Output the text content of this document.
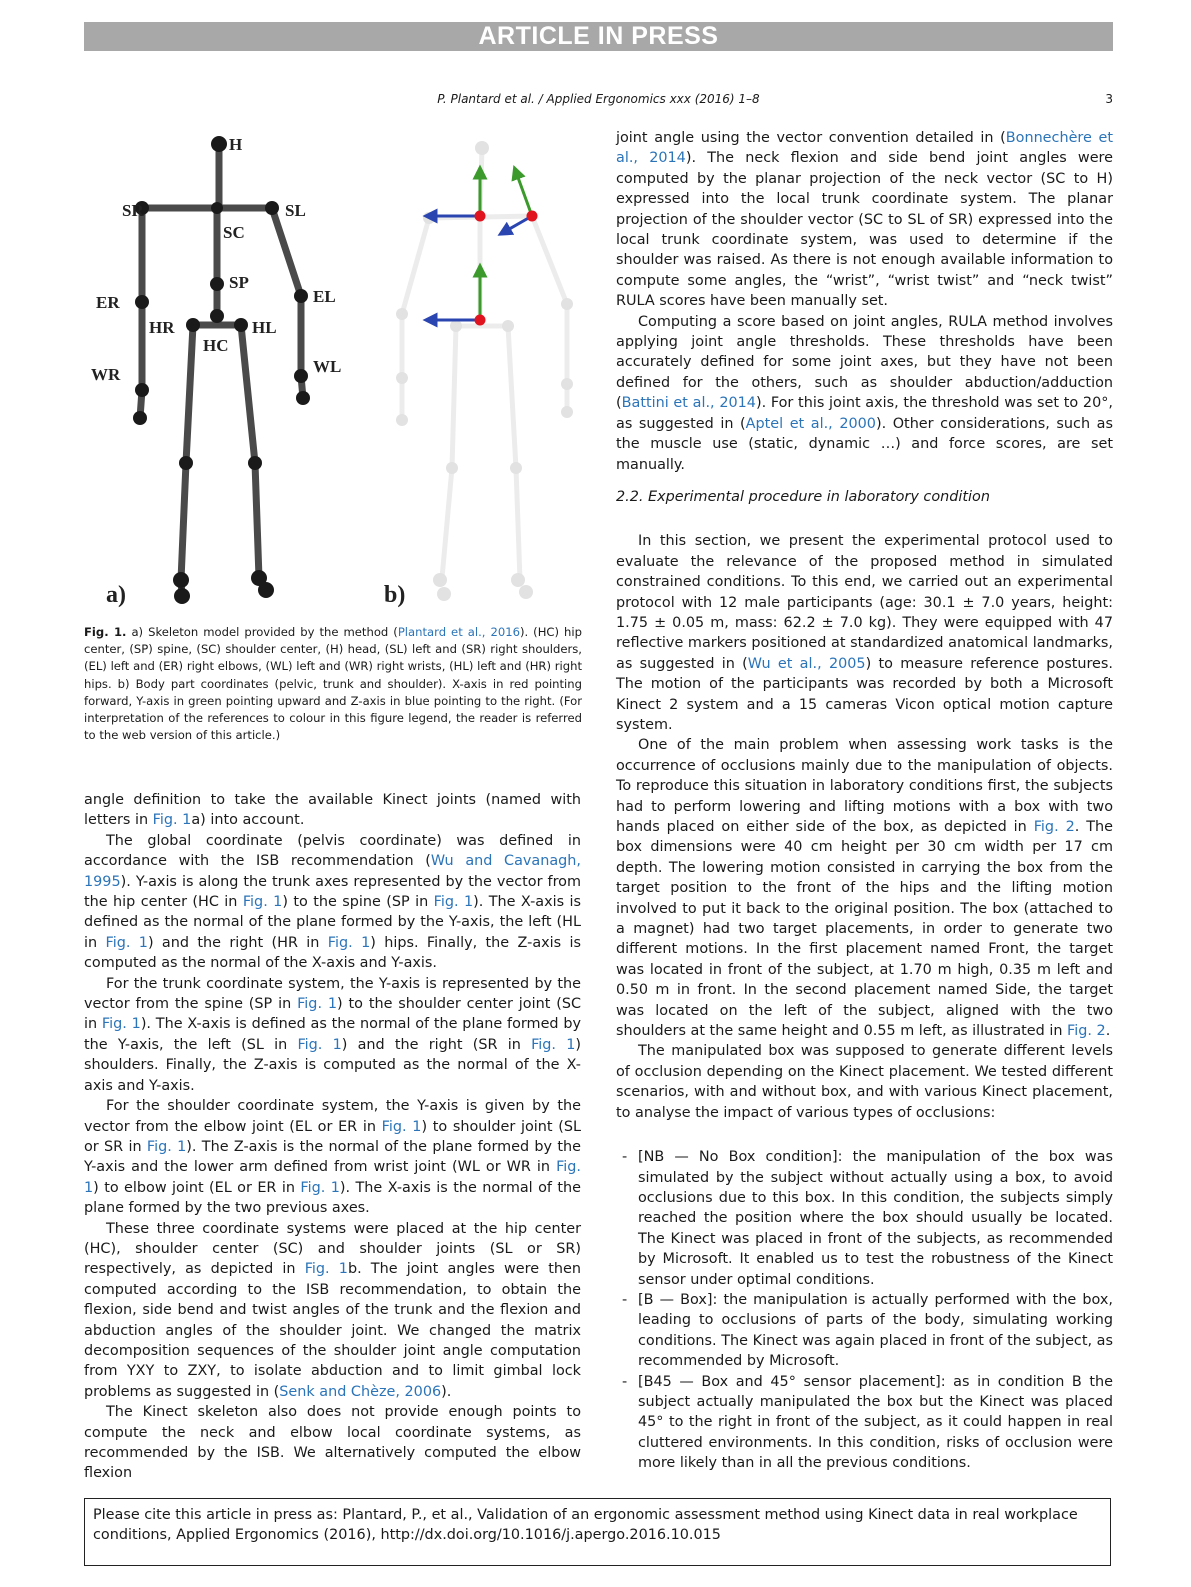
ARTICLE IN PRESS
P. Plantard et al. / Applied Ergonomics xxx (2016) 1–8	3
H
SR	SL
SC
SP
ER	EL
HR	HL
HC
WR	WL
a)	b)
Fig. 1. a) Skeleton model provided by the method (Plantard et al., 2016). (HC) hip center, (SP) spine, (SC) shoulder center, (H) head, (SL) left and (SR) right shoulders, (EL) left and (ER) right elbows, (WL) left and (WR) right wrists, (HL) left and (HR) right hips. b) Body part coordinates (pelvic, trunk and shoulder). X-axis in red pointing forward, Y-axis in green pointing upward and Z-axis in blue pointing to the right. (For interpretation of the references to colour in this figure legend, the reader is referred to the web version of this article.)

angle definition to take the available Kinect joints (named with letters in Fig. 1a) into account.

The global coordinate (pelvis coordinate) was defined in accordance with the ISB recommendation (Wu and Cavanagh, 1995). Y-axis is along the trunk axes represented by the vector from the hip center (HC in Fig. 1) to the spine (SP in Fig. 1). The X-axis is defined as the normal of the plane formed by the Y-axis, the left (HL in Fig. 1) and the right (HR in Fig. 1) hips. Finally, the Z-axis is computed as the normal of the X-axis and Y-axis.

For the trunk coordinate system, the Y-axis is represented by the vector from the spine (SP in Fig. 1) to the shoulder center joint (SC in Fig. 1). The X-axis is defined as the normal of the plane formed by the Y-axis, the left (SL in Fig. 1) and the right (SR in Fig. 1) shoulders. Finally, the Z-axis is computed as the normal of the X-axis and Y-axis.

For the shoulder coordinate system, the Y-axis is given by the vector from the elbow joint (EL or ER in Fig. 1) to shoulder joint (SL or SR in Fig. 1). The Z-axis is the normal of the plane formed by the Y-axis and the lower arm defined from wrist joint (WL or WR in Fig. 1) to elbow joint (EL or ER in Fig. 1). The X-axis is the normal of the plane formed by the two previous axes.

These three coordinate systems were placed at the hip center (HC), shoulder center (SC) and shoulder joints (SL or SR) respectively, as depicted in Fig. 1b. The joint angles were then computed according to the ISB recommendation, to obtain the flexion, side bend and twist angles of the trunk and the flexion and abduction angles of the shoulder joint. We changed the matrix decomposition sequences of the shoulder joint angle computation from YXY to ZXY, to isolate abduction and to limit gimbal lock problems as suggested in (Senk and Chèze, 2006).

The Kinect skeleton also does not provide enough points to compute the neck and elbow local coordinate systems, as recommended by the ISB. We alternatively computed the elbow flexion

joint angle using the vector convention detailed in (Bonnechère et al., 2014). The neck flexion and side bend joint angles were computed by the planar projection of the neck vector (SC to H) expressed into the local trunk coordinate system. The planar projection of the shoulder vector (SC to SL of SR) expressed into the local trunk coordinate system, was used to determine if the shoulder was raised. As there is not enough available information to compute some angles, the “wrist”, “wrist twist” and “neck twist” RULA scores have been manually set.

Computing a score based on joint angles, RULA method involves applying joint angle thresholds. These thresholds have been accurately defined for some joint axes, but they have not been defined for the others, such as shoulder abduction/adduction (Battini et al., 2014). For this joint axis, the threshold was set to 20°, as suggested in (Aptel et al., 2000). Other considerations, such as the muscle use (static, dynamic …) and force scores, are set manually.

2.2. Experimental procedure in laboratory condition

In this section, we present the experimental protocol used to evaluate the relevance of the proposed method in simulated constrained conditions. To this end, we carried out an experimental protocol with 12 male participants (age: 30.1 ± 7.0 years, height: 1.75 ± 0.05 m, mass: 62.2 ± 7.0 kg). They were equipped with 47 reflective markers positioned at standardized anatomical landmarks, as suggested in (Wu et al., 2005) to measure reference postures. The motion of the participants was recorded by both a Microsoft Kinect 2 system and a 15 cameras Vicon optical motion capture system.

One of the main problem when assessing work tasks is the occurrence of occlusions mainly due to the manipulation of objects. To reproduce this situation in laboratory conditions first, the subjects had to perform lowering and lifting motions with a box with two hands placed on either side of the box, as depicted in Fig. 2. The box dimensions were 40 cm height per 30 cm width per 17 cm depth. The lowering motion consisted in carrying the box from the target position to the front of the hips and the lifting motion involved to put it back to the original position. The box (attached to a magnet) had two target placements, in order to generate two different motions. In the first placement named Front, the target was located in front of the subject, at 1.70 m high, 0.35 m left and 0.50 m in front. In the second placement named Side, the target was located on the left of the subject, aligned with the two shoulders at the same height and 0.55 m left, as illustrated in Fig. 2.

The manipulated box was supposed to generate different levels of occlusion depending on the Kinect placement. We tested different scenarios, with and without box, and with various Kinect placement, to analyse the impact of various types of occlusions:

- [NB — No Box condition]: the manipulation of the box was simulated by the subject without actually using a box, to avoid occlusions due to this box. In this condition, the subjects simply reached the position where the box should usually be located. The Kinect was placed in front of the subjects, as recommended by Microsoft. It enabled us to test the robustness of the Kinect sensor under optimal conditions.
- [B — Box]: the manipulation is actually performed with the box, leading to occlusions of parts of the body, simulating working conditions. The Kinect was again placed in front of the subject, as recommended by Microsoft.
- [B45 — Box and 45° sensor placement]: as in condition B the subject actually manipulated the box but the Kinect was placed 45° to the right in front of the subject, as it could happen in real cluttered environments. In this condition, risks of occlusion were more likely than in all the previous conditions.
Please cite this article in press as: Plantard, P., et al., Validation of an ergonomic assessment method using Kinect data in real workplace conditions, Applied Ergonomics (2016), http://dx.doi.org/10.1016/j.apergo.2016.10.015
